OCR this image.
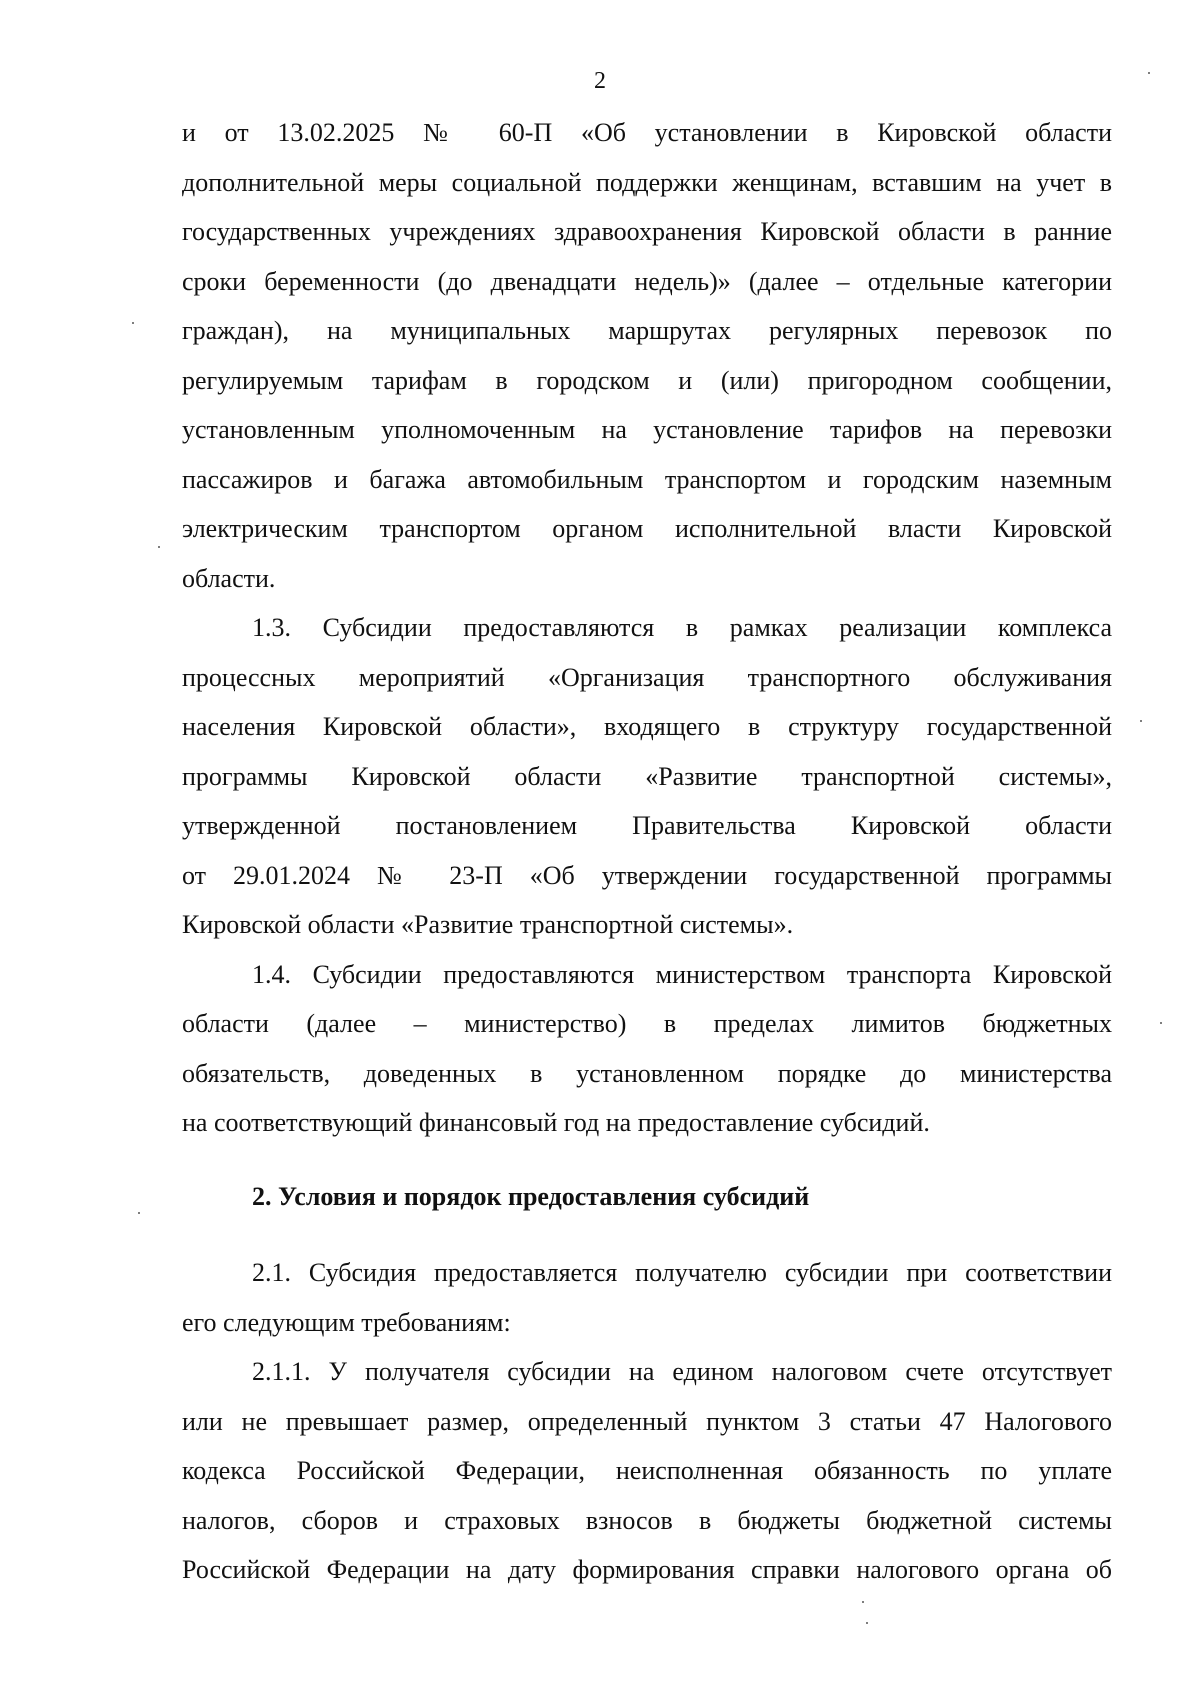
2
и от 13.02.2025 № 60-П «Об установлении в Кировской области
дополнительной меры социальной поддержки женщинам, вставшим на учет в
государственных учреждениях здравоохранения Кировской области в ранние
сроки беременности (до двенадцати недель)» (далее – отдельные категории
граждан), на муниципальных маршрутах регулярных перевозок по
регулируемым тарифам в городском и (или) пригородном сообщении,
установленным уполномоченным на установление тарифов на перевозки
пассажиров и багажа автомобильным транспортом и городским наземным
электрическим транспортом органом исполнительной власти Кировской
области.
1.3. Субсидии предоставляются в рамках реализации комплекса
процессных мероприятий «Организация транспортного обслуживания
населения Кировской области», входящего в структуру государственной
программы Кировской области «Развитие транспортной системы»,
утвержденной постановлением Правительства Кировской области
от 29.01.2024 № 23-П «Об утверждении государственной программы
Кировской области «Развитие транспортной системы».
1.4. Субсидии предоставляются министерством транспорта Кировской
области (далее – министерство) в пределах лимитов бюджетных
обязательств, доведенных в установленном порядке до министерства
на соответствующий финансовый год на предоставление субсидий.
2. Условия и порядок предоставления субсидий
2.1. Субсидия предоставляется получателю субсидии при соответствии
его следующим требованиям:
2.1.1. У получателя субсидии на едином налоговом счете отсутствует
или не превышает размер, определенный пунктом 3 статьи 47 Налогового
кодекса Российской Федерации, неисполненная обязанность по уплате
налогов, сборов и страховых взносов в бюджеты бюджетной системы
Российской Федерации на дату формирования справки налогового органа об
